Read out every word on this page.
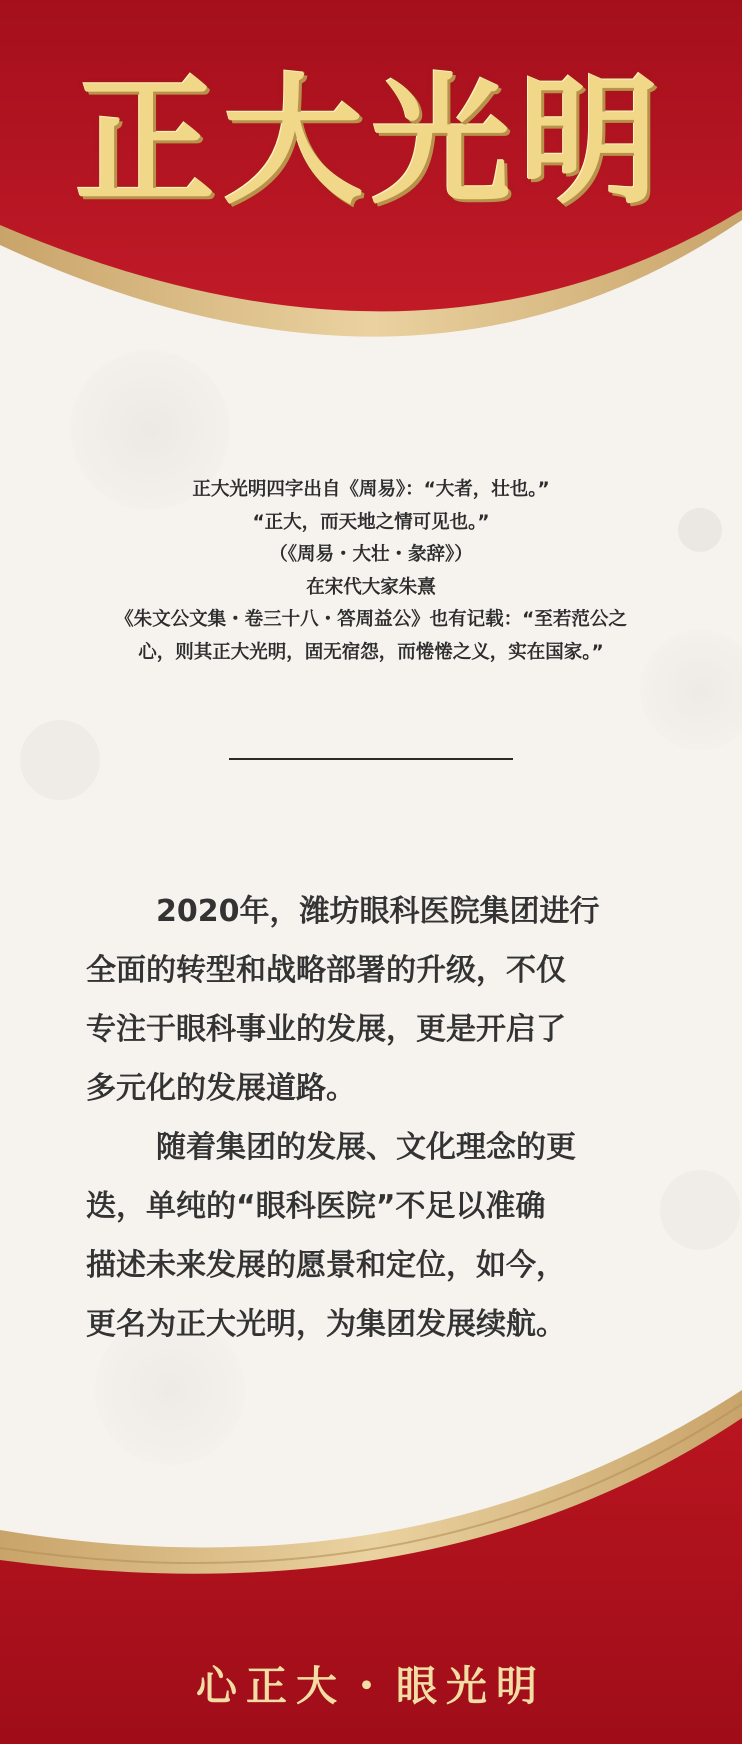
正大光明
正大光明四字出自《周易》：“大者，壮也。”
“正大，而天地之情可见也。”
（《周易・大壮・彖辞》）
在宋代大家朱熹
《朱文公文集・卷三十八・答周益公》也有记载：“至若范公之
心，则其正大光明，固无宿怨，而惓惓之义，实在国家。”
2020年，潍坊眼科医院集团进行
全面的转型和战略部署的升级，不仅
专注于眼科事业的发展，更是开启了
多元化的发展道路。
随着集团的发展、文化理念的更
迭，单纯的“眼科医院”不足以准确
描述未来发展的愿景和定位，如今，
更名为正大光明，为集团发展续航。
心正大・眼光明
